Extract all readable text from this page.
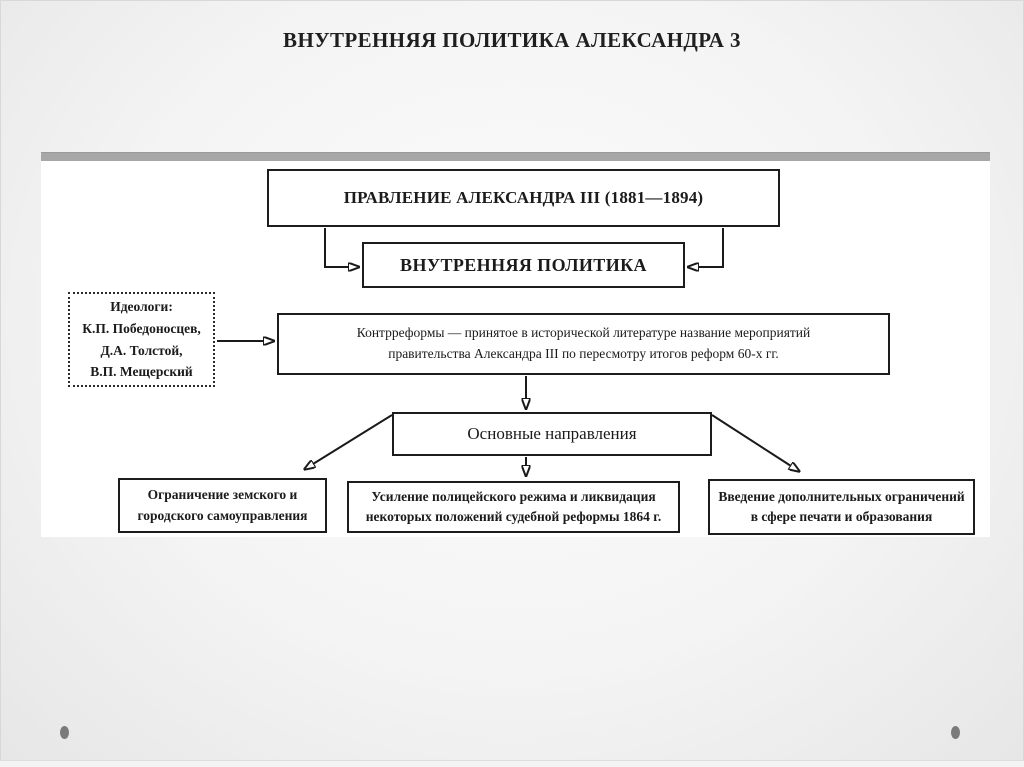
ВНУТРЕННЯЯ ПОЛИТИКА АЛЕКСАНДРА 3
ПРАВЛЕНИЕ АЛЕКСАНДРА III (1881—1894)
ВНУТРЕННЯЯ ПОЛИТИКА
Идеологи:
К.П. Победоносцев,
Д.А. Толстой,
В.П. Мещерский
Контрреформы — принятое в исторической литературе название мероприятий
правительства Александра III по пересмотру итогов реформ 60-х гг.
Основные направления
Ограничение земского и
городского самоуправления
Усиление полицейского режима и ликвидация
некоторых положений судебной реформы 1864 г.
Введение дополнительных ограничений
в сфере печати и образования
